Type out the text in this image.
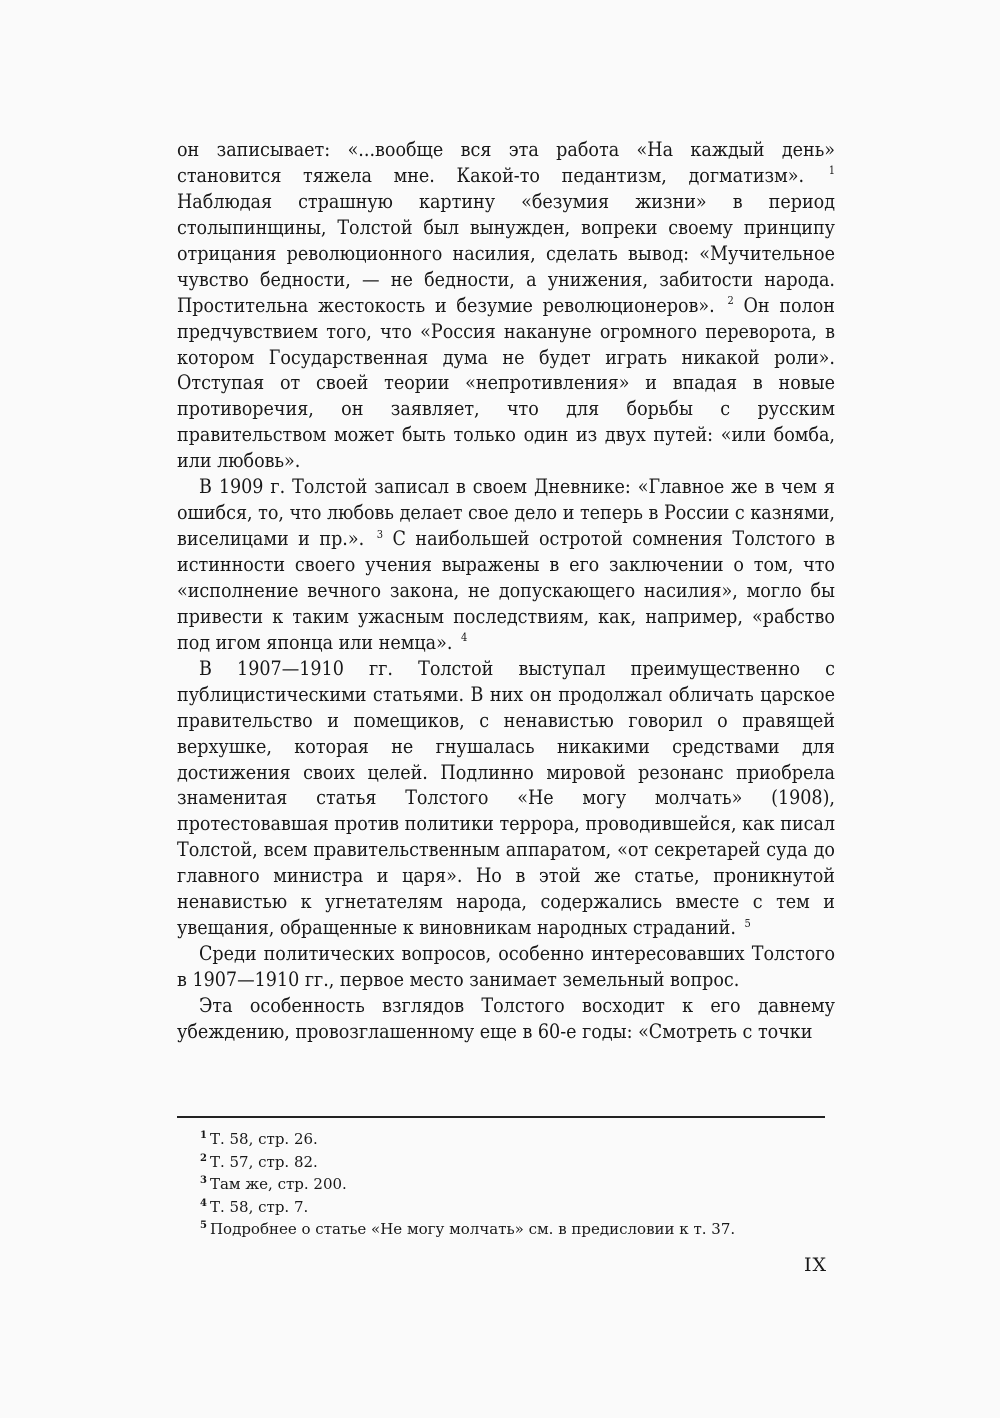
он записывает: «...вообще вся эта работа «На каждый день» становится тяжела мне. Какой-то педантизм, догматизм». $^1$ Наблюдая страшную картину «безумия жизни» в период столыпинщины, Толстой был вынужден, вопреки своему принципу отрицания революционного насилия, сделать вывод: «Мучительное чувство бедности, — не бедности, а унижения, забитости народа. Простительна жестокость и безумие революционеров». $^2$ Он полон предчувствием того, что «Россия накануне огромного переворота, в котором Государственная дума не будет играть никакой роли». Отступая от своей теории «непротивления» и впадая в новые противоречия, он заявляет, что для борьбы с русским правительством может быть только один из двух путей: «или бомба, или любовь».

В 1909 г. Толстой записал в своем Дневнике: «Главное же в чем я ошибся, то, что любовь делает свое дело и теперь в России с казнями, виселицами и пр.». $^3$ С наибольшей остротой сомнения Толстого в истинности своего учения выражены в его заключении о том, что «исполнение вечного закона, не допускающего насилия», могло бы привести к таким ужасным последствиям, как, например, «рабство под игом японца или немца». $^4$

В 1907—1910 гг. Толстой выступал преимущественно с публицистическими статьями. В них он продолжал обличать царское правительство и помещиков, с ненавистью говорил о правящей верхушке, которая не гнушалась никакими средствами для достижения своих целей. Подлинно мировой резонанс приобрела знаменитая статья Толстого «Не могу молчать» (1908), протестовавшая против политики террора, проводившейся, как писал Толстой, всем правительственным аппаратом, «от секретарей суда до главного министра и царя». Но в этой же статье, проникнутой ненавистью к угнетателям народа, содержались вместе с тем и увещания, обращенные к виновникам народных страданий. $^5$

Среди политических вопросов, особенно интересовавших Толстого в 1907—1910 гг., первое место занимает земельный вопрос.

Эта особенность взглядов Толстого восходит к его давнему убеждению, провозглашенному еще в 60-е годы: «Смотреть с точки

$^1$ Т. 58, стр. 26.
$^2$ Т. 57, стр. 82.
$^3$ Там же, стр. 200.
$^4$ Т. 58, стр. 7.
$^5$ Подробнее о статье «Не могу молчать» см. в предисловии к т. 37.
IX
